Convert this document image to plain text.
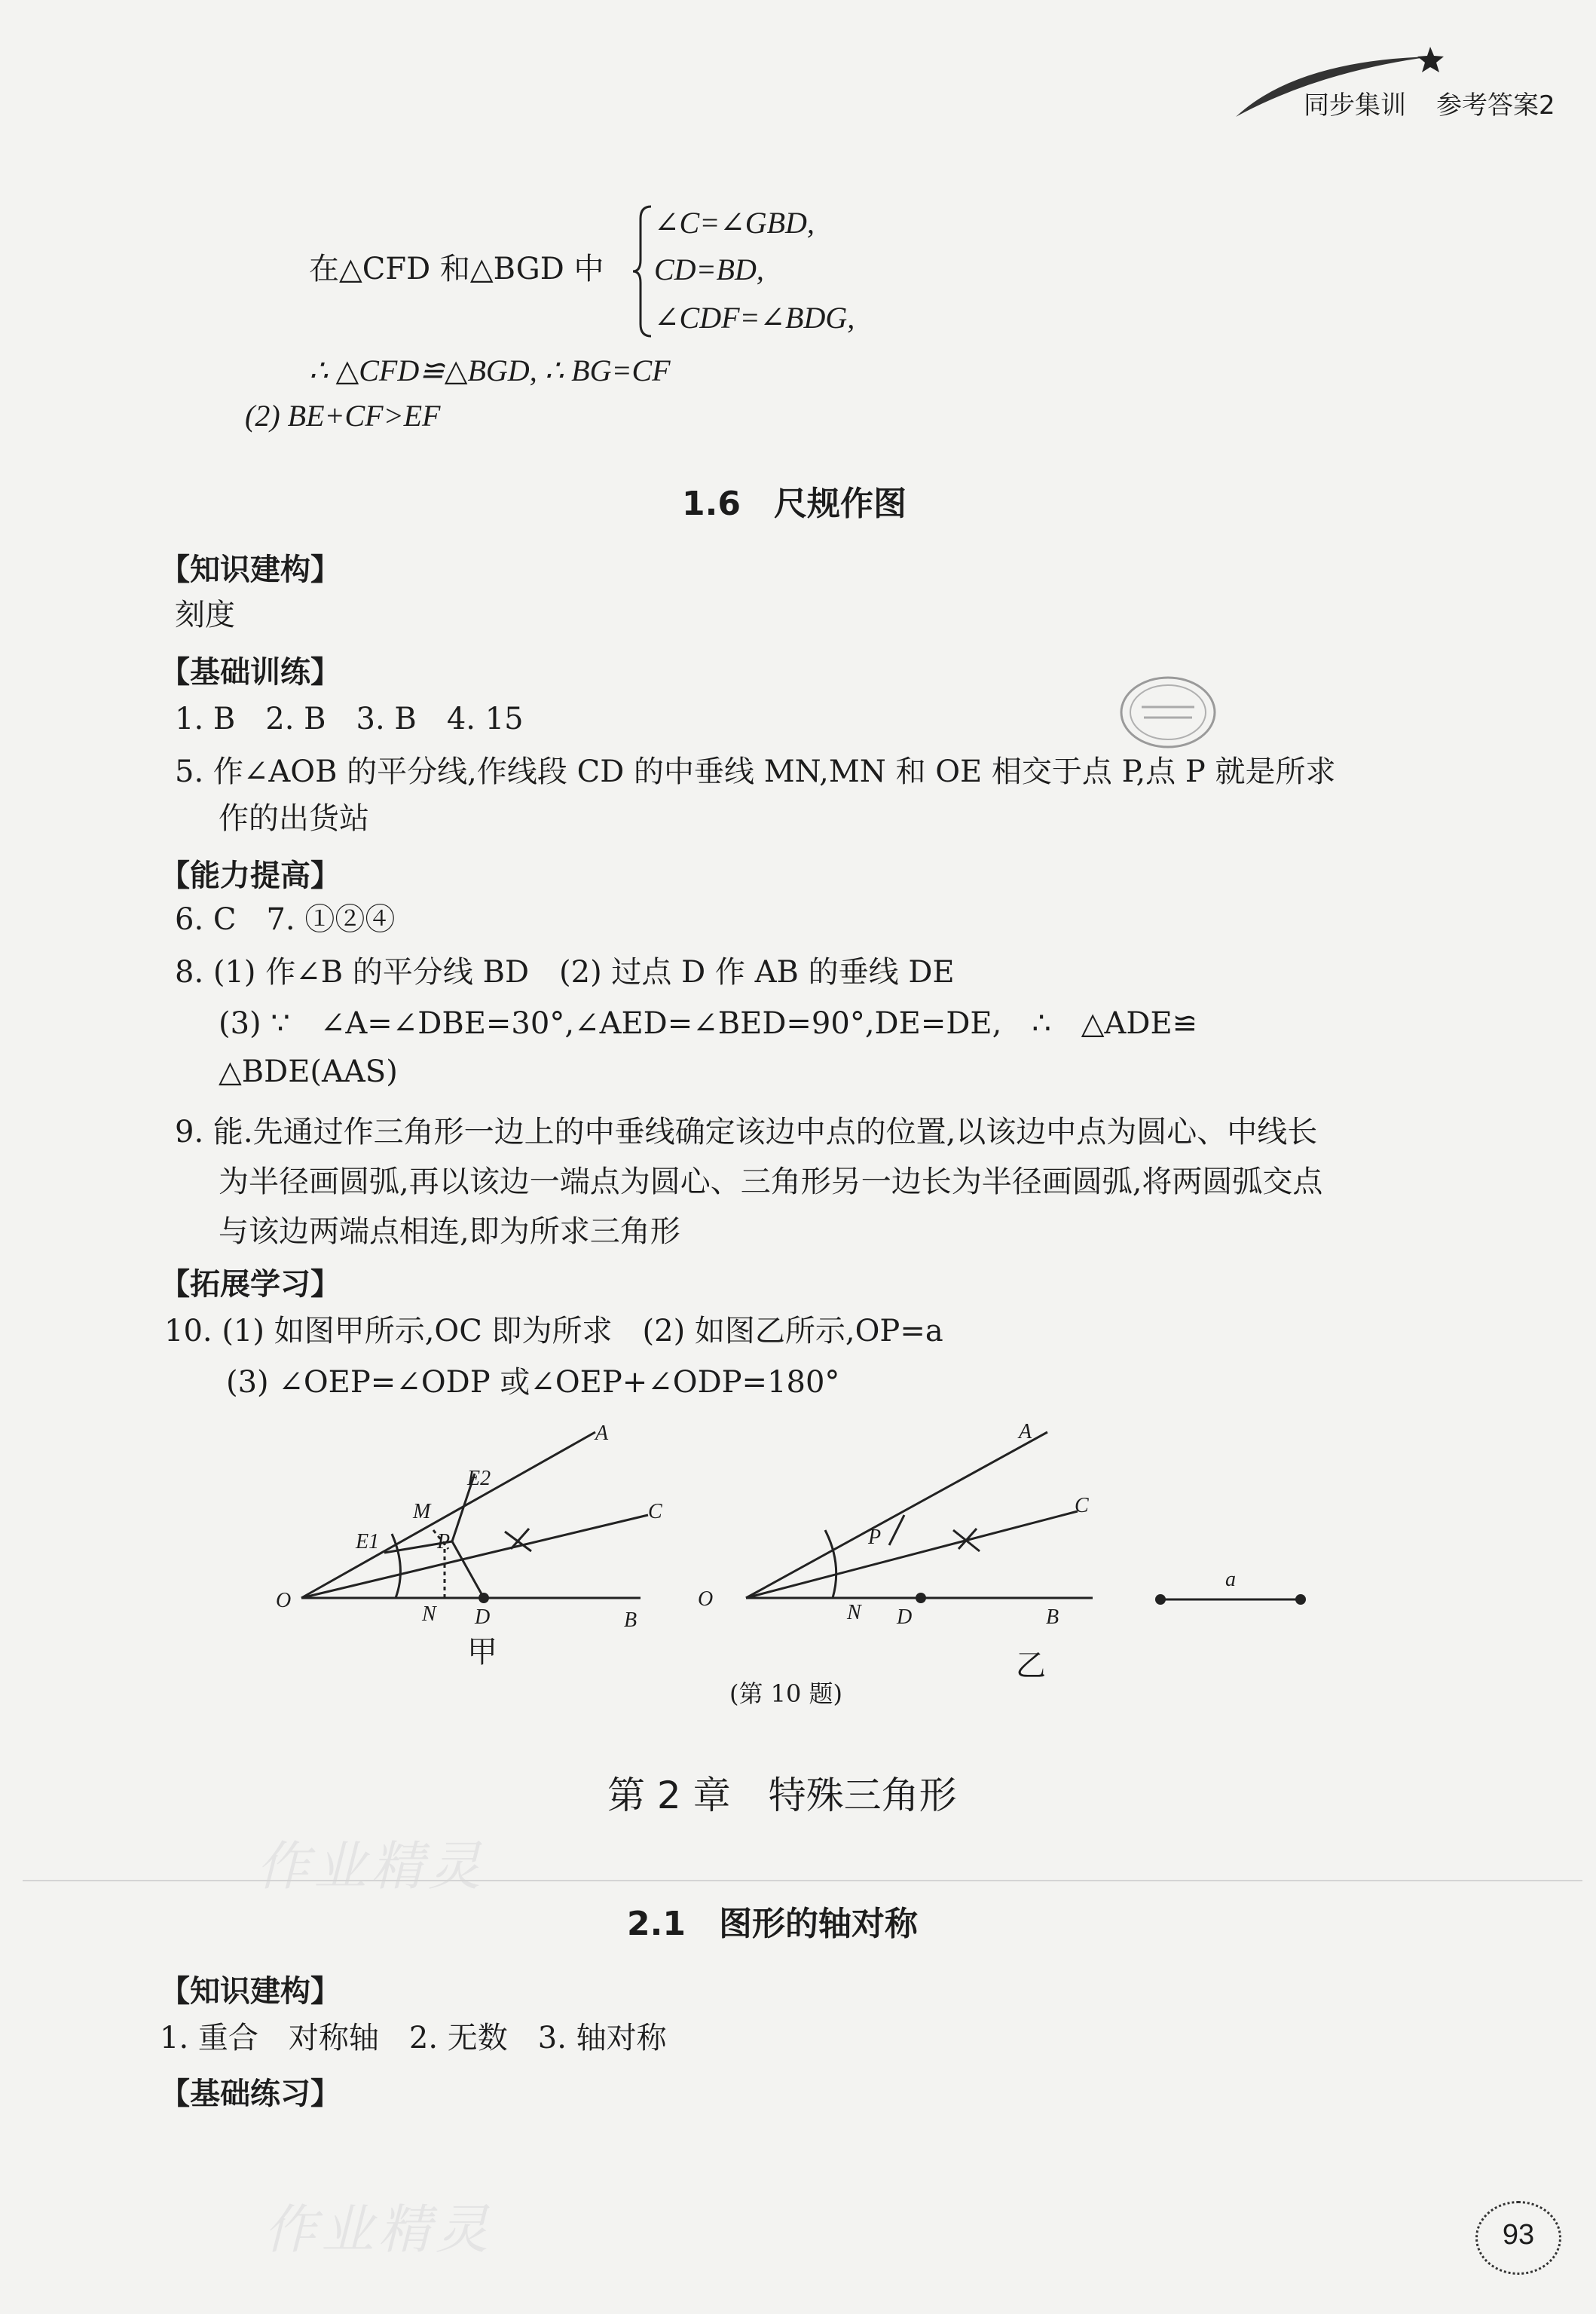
同步集训 参考答案2
在△CFD 和△BGD 中
∠C=∠GBD,
CD=BD,
∠CDF=∠BDG,
∴ △CFD≌△BGD, ∴ BG=CF
(2) BE+CF>EF
1.6　尺规作图
【知识建构】
刻度
【基础训练】
1. B　2. B　3. B　4. 15
5. 作∠AOB 的平分线,作线段 CD 的中垂线 MN,MN 和 OE 相交于点 P,点 P 就是所求
作的出货站
【能力提高】
6. C　7. ①②④
8. (1) 作∠B 的平分线 BD　(2) 过点 D 作 AB 的垂线 DE
(3) ∵　∠A=∠DBE=30°,∠AED=∠BED=90°,DE=DE,　∴　△ADE≌
△BDE(AAS)
9. 能.先通过作三角形一边上的中垂线确定该边中点的位置,以该边中点为圆心、中线长
为半径画圆弧,再以该边一端点为圆心、三角形另一边长为半径画圆弧,将两圆弧交点
与该边两端点相连,即为所求三角形
【拓展学习】
10. (1) 如图甲所示,OC 即为所求　(2) 如图乙所示,OP=a
(3) ∠OEP=∠ODP 或∠OEP+∠ODP=180°
O
A
B
C
D
N
M
P
E1
E2
甲
O
A
B
C
D
N
P
乙
a
(第 10 题)
第 2 章　特殊三角形
作业精灵
2.1　图形的轴对称
【知识建构】
1. 重合　对称轴　2. 无数　3. 轴对称
【基础练习】
作业精灵	93
